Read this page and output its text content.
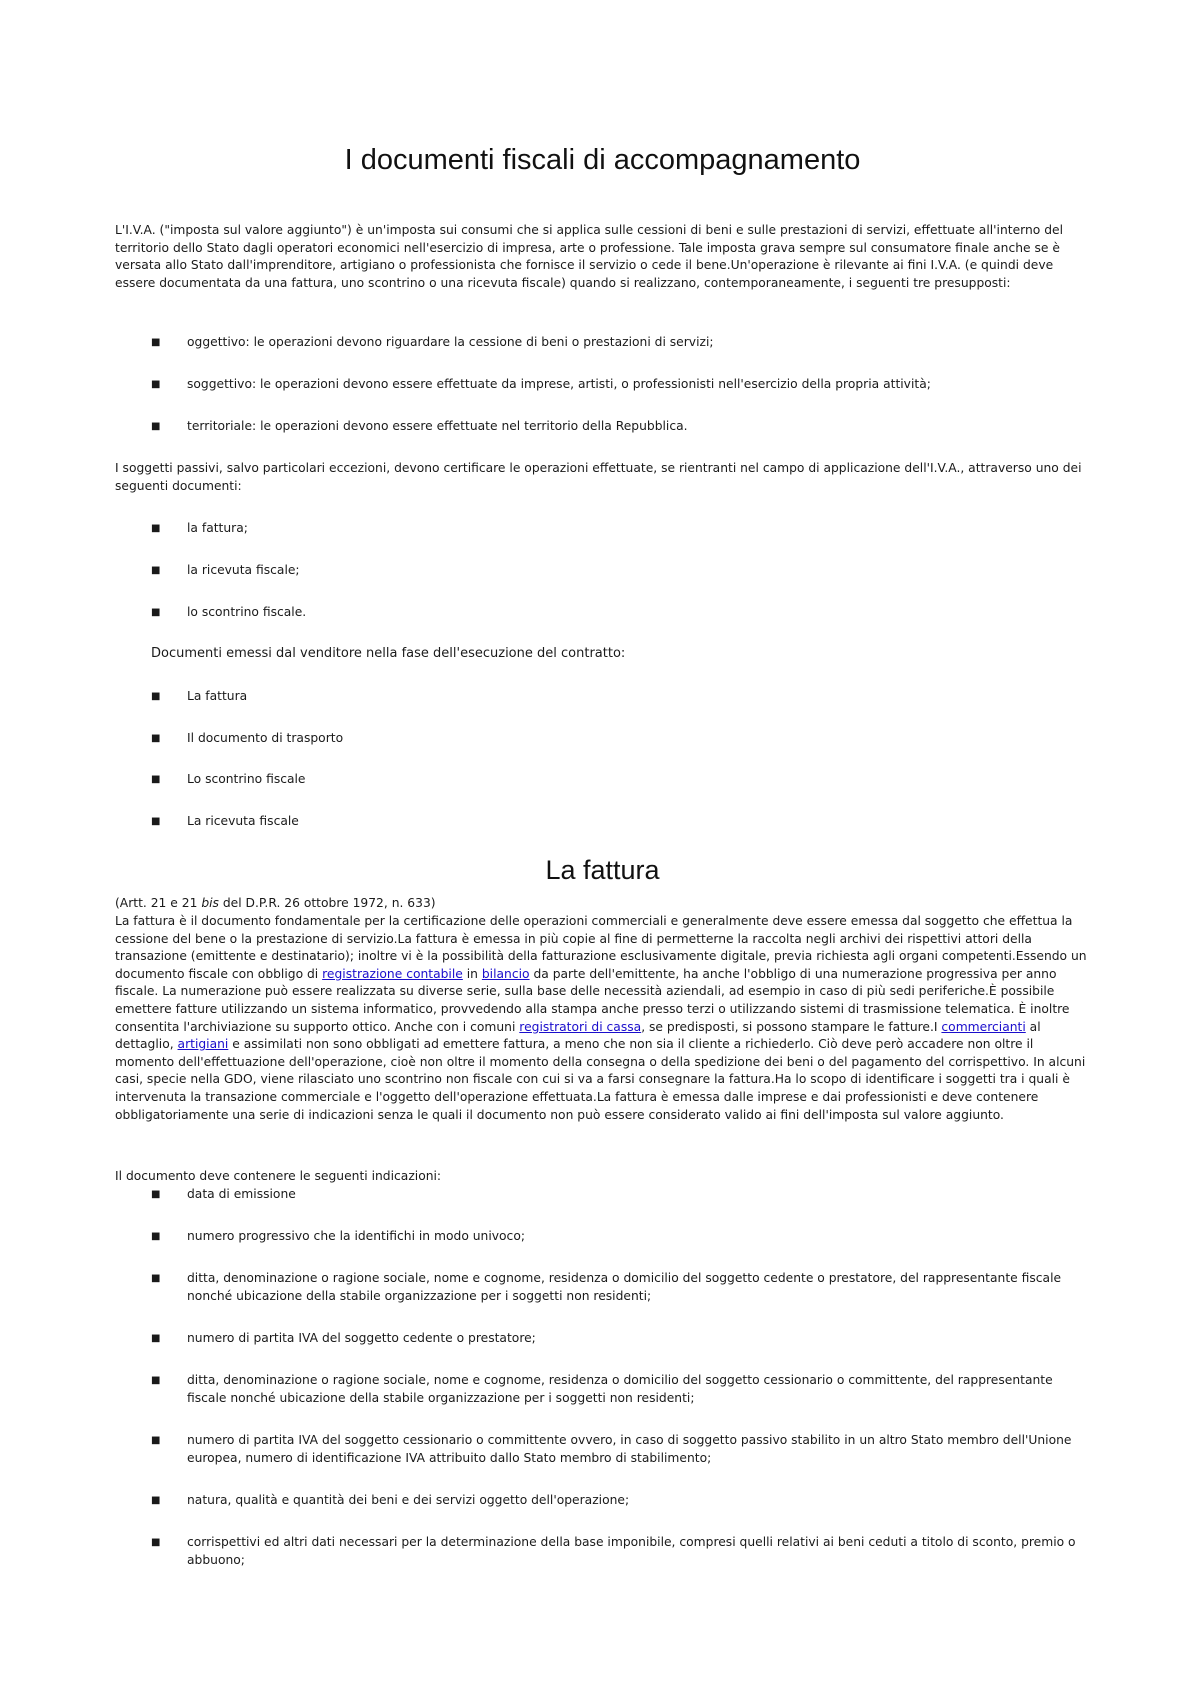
I documenti fiscali di accompagnamento

L'I.V.A. ("imposta sul valore aggiunto") è un'imposta sui consumi che si applica sulle cessioni di beni e sulle prestazioni di servizi, effettuate all'interno del territorio dello Stato dagli operatori economici nell'esercizio di impresa, arte o professione. Tale imposta grava sempre sul consumatore finale anche se è versata allo Stato dall'imprenditore, artigiano o professionista che fornisce il servizio o cede il bene.Un'operazione è rilevante ai fini I.V.A. (e quindi deve essere documentata da una fattura, uno scontrino o una ricevuta fiscale) quando si realizzano, contemporaneamente, i seguenti tre presupposti:

■	oggettivo: le operazioni devono riguardare la cessione di beni o prestazioni di servizi;
■	soggettivo: le operazioni devono essere effettuate da imprese, artisti, o professionisti nell'esercizio della propria attività;
■	territoriale: le operazioni devono essere effettuate nel territorio della Repubblica.

I soggetti passivi, salvo particolari eccezioni, devono certificare le operazioni effettuate, se rientranti nel campo di applicazione dell'I.V.A., attraverso uno dei seguenti documenti:

■	la fattura;
■	la ricevuta fiscale;
■	lo scontrino fiscale.
Documenti emessi dal venditore nella fase dell'esecuzione del contratto:
■	La fattura
■	Il documento di trasporto
■	Lo scontrino fiscale
■	La ricevuta fiscale
La fattura

(Artt. 21 e 21 bis del D.P.R. 26 ottobre 1972, n. 633)

La fattura è il documento fondamentale per la certificazione delle operazioni commerciali e generalmente deve essere emessa dal soggetto che effettua la cessione del bene o la prestazione di servizio.La fattura è emessa in più copie al fine di permetterne la raccolta negli archivi dei rispettivi attori della transazione (emittente e destinatario); inoltre vi è la possibilità della fatturazione esclusivamente digitale, previa richiesta agli organi competenti.Essendo un documento fiscale con obbligo di registrazione contabile in bilancio da parte dell'emittente, ha anche l'obbligo di una numerazione progressiva per anno fiscale. La numerazione può essere realizzata su diverse serie, sulla base delle necessità aziendali, ad esempio in caso di più sedi periferiche.È possibile emettere fatture utilizzando un sistema informatico, provvedendo alla stampa anche presso terzi o utilizzando sistemi di trasmissione telematica. È inoltre consentita l'archiviazione su supporto ottico. Anche con i comuni registratori di cassa, se predisposti, si possono stampare le fatture.I commercianti al dettaglio, artigiani e assimilati non sono obbligati ad emettere fattura, a meno che non sia il cliente a richiederlo. Ciò deve però accadere non oltre il momento dell'effettuazione dell'operazione, cioè non oltre il momento della consegna o della spedizione dei beni o del pagamento del corrispettivo. In alcuni casi, specie nella GDO, viene rilasciato uno scontrino non fiscale con cui si va a farsi consegnare la fattura.Ha lo scopo di identificare i soggetti tra i quali è intervenuta la transazione commerciale e l'oggetto dell'operazione effettuata.La fattura è emessa dalle imprese e dai professionisti e deve contenere obbligatoriamente una serie di indicazioni senza le quali il documento non può essere considerato valido ai fini dell'imposta sul valore aggiunto.

Il documento deve contenere le seguenti indicazioni:
■	data di emissione
■	numero progressivo che la identifichi in modo univoco;
■	ditta, denominazione o ragione sociale, nome e cognome, residenza o domicilio del soggetto cedente o prestatore, del rappresentante fiscale nonché ubicazione della stabile organizzazione per i soggetti non residenti;
■	numero di partita IVA del soggetto cedente o prestatore;
■	ditta, denominazione o ragione sociale, nome e cognome, residenza o domicilio del soggetto cessionario o committente, del rappresentante fiscale nonché ubicazione della stabile organizzazione per i soggetti non residenti;
■	numero di partita IVA del soggetto cessionario o committente ovvero, in caso di soggetto passivo stabilito in un altro Stato membro dell'Unione europea, numero di identificazione IVA attribuito dallo Stato membro di stabilimento;
■	natura, qualità e quantità dei beni e dei servizi oggetto dell'operazione;
■	corrispettivi ed altri dati necessari per la determinazione della base imponibile, compresi quelli relativi ai beni ceduti a titolo di sconto, premio o abbuono;
